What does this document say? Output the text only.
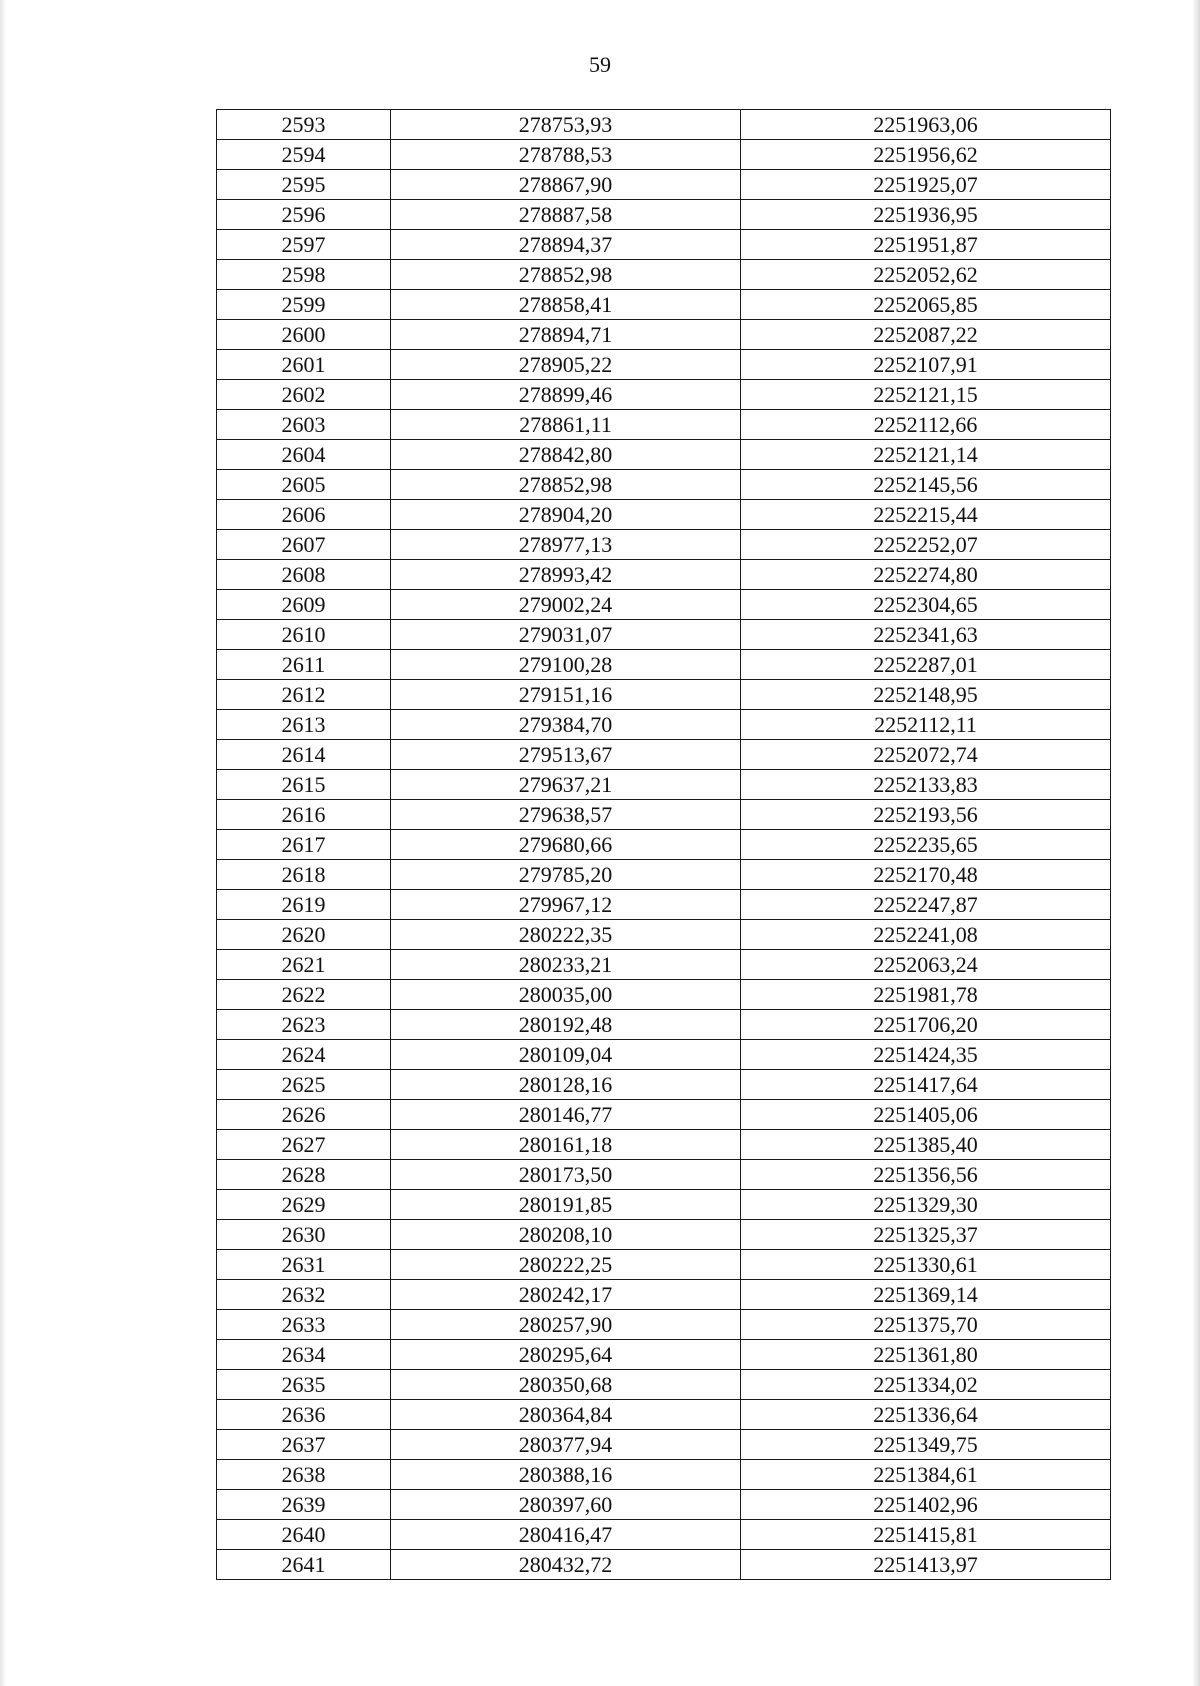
59
2593	278753,93	2251963,06
2594	278788,53	2251956,62
2595	278867,90	2251925,07
2596	278887,58	2251936,95
2597	278894,37	2251951,87
2598	278852,98	2252052,62
2599	278858,41	2252065,85
2600	278894,71	2252087,22
2601	278905,22	2252107,91
2602	278899,46	2252121,15
2603	278861,11	2252112,66
2604	278842,80	2252121,14
2605	278852,98	2252145,56
2606	278904,20	2252215,44
2607	278977,13	2252252,07
2608	278993,42	2252274,80
2609	279002,24	2252304,65
2610	279031,07	2252341,63
2611	279100,28	2252287,01
2612	279151,16	2252148,95
2613	279384,70	2252112,11
2614	279513,67	2252072,74
2615	279637,21	2252133,83
2616	279638,57	2252193,56
2617	279680,66	2252235,65
2618	279785,20	2252170,48
2619	279967,12	2252247,87
2620	280222,35	2252241,08
2621	280233,21	2252063,24
2622	280035,00	2251981,78
2623	280192,48	2251706,20
2624	280109,04	2251424,35
2625	280128,16	2251417,64
2626	280146,77	2251405,06
2627	280161,18	2251385,40
2628	280173,50	2251356,56
2629	280191,85	2251329,30
2630	280208,10	2251325,37
2631	280222,25	2251330,61
2632	280242,17	2251369,14
2633	280257,90	2251375,70
2634	280295,64	2251361,80
2635	280350,68	2251334,02
2636	280364,84	2251336,64
2637	280377,94	2251349,75
2638	280388,16	2251384,61
2639	280397,60	2251402,96
2640	280416,47	2251415,81
2641	280432,72	2251413,97
